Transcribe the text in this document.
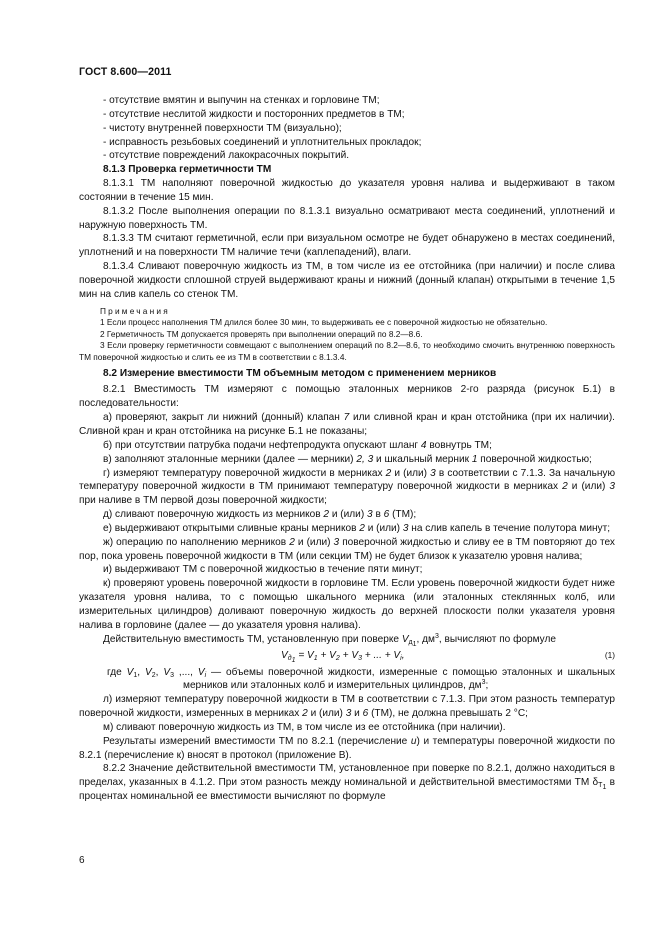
ГОСТ 8.600—2011

- отсутствие вмятин и выпучин на стенках и горловине ТМ;

- отсутствие неслитой жидкости и посторонних предметов в ТМ;

- чистоту внутренней поверхности ТМ (визуально);

- исправность резьбовых соединений и уплотнительных прокладок;

- отсутствие повреждений лакокрасочных покрытий.

8.1.3 Проверка герметичности ТМ

8.1.3.1 ТМ наполняют поверочной жидкостью до указателя уровня налива и выдерживают в таком состоянии в течение 15 мин.

8.1.3.2 После выполнения операции по 8.1.3.1 визуально осматривают места соединений, уплотнений и наружную поверхность ТМ.

8.1.3.3 ТМ считают герметичной, если при визуальном осмотре не будет обнаружено в местах соединений, уплотнений и на поверхности ТМ наличие течи (каплепадений), влаги.

8.1.3.4 Сливают поверочную жидкость из ТМ, в том числе из ее отстойника (при наличии) и после слива поверочной жидкости сплошной струей выдерживают краны и нижний (донный клапан) открытыми в течение 1,5 мин на слив капель со стенок ТМ.

Примечания

1 Если процесс наполнения ТМ длился более 30 мин, то выдерживать ее с поверочной жидкостью не обязательно.

2 Герметичность ТМ допускается проверять при выполнении операций по 8.2—8.6.

3 Если проверку герметичности совмещают с выполнением операций по 8.2—8.6, то необходимо смочить внутреннюю поверхность ТМ поверочной жидкостью и слить ее из ТМ в соответствии с 8.1.3.4.

8.2 Измерение вместимости ТМ объемным методом с применением мерников

8.2.1 Вместимость ТМ измеряют с помощью эталонных мерников 2-го разряда (рисунок Б.1) в последовательности:

а) проверяют, закрыт ли нижний (донный) клапан 7 или сливной кран и кран отстойника (при их наличии). Сливной кран и кран отстойника на рисунке Б.1 не показаны;

б) при отсутствии патрубка подачи нефтепродукта опускают шланг 4 вовнутрь ТМ;

в) заполняют эталонные мерники (далее — мерники) 2, 3 и шкальный мерник 1 поверочной жидкостью;

г) измеряют температуру поверочной жидкости в мерниках 2 и (или) 3 в соответствии с 7.1.3. За начальную температуру поверочной жидкости в ТМ принимают температуру поверочной жидкости в мерниках 2 и (или) 3 при наливе в ТМ первой дозы поверочной жидкости;

д) сливают поверочную жидкость из мерников 2 и (или) 3 в 6 (ТМ);

е) выдерживают открытыми сливные краны мерников 2 и (или) 3 на слив капель в течение полутора минут;

ж) операцию по наполнению мерников 2 и (или) 3 поверочной жидкостью и сливу ее в ТМ повторяют до тех пор, пока уровень поверочной жидкости в ТМ (или секции ТМ) не будет близок к указателю уровня налива;

и) выдерживают ТМ с поверочной жидкостью в течение пяти минут;

к) проверяют уровень поверочной жидкости в горловине ТМ. Если уровень поверочной жидкости будет ниже указателя уровня налива, то с помощью шкального мерника (или эталонных стеклянных колб, или измерительных цилиндров) доливают поверочную жидкость до верхней плоскости полки указателя уровня налива в горловине (далее — до указателя уровня налива).

Действительную вместимость ТМ, установленную при поверке $V_{д_1}$, $дм^3$, вычисляют по формуле

$V_{д_1} = V_1 + V_2 + V_3$ + ... + $V_i$,	(1)

где $V_1$, $V_2$, $V_3$ ,..., $V_i$ — объемы поверочной жидкости, измеренные с помощью эталонных и шкальных мерников или эталонных колб и измерительных цилиндров, $дм^3$;

л) измеряют температуру поверочной жидкости в ТМ в соответствии с 7.1.3. При этом разность температур поверочной жидкости, измеренных в мерниках 2 и (или) 3 и 6 (ТМ), не должна превышать 2 °С;

м) сливают поверочную жидкость из ТМ, в том числе из ее отстойника (при наличии).

Результаты измерений вместимости ТМ по 8.2.1 (перечисление и) и температуры поверочной жидкости по 8.2.1 (перечисление к) вносят в протокол (приложение В).

8.2.2 Значение действительной вместимости ТМ, установленное при поверке по 8.2.1, должно находиться в пределах, указанных в 4.1.2. При этом разность между номинальной и действительной вместимостями ТМ $\delta_{Т_1}$ в процентах номинальной ее вместимости вычисляют по формуле

6
